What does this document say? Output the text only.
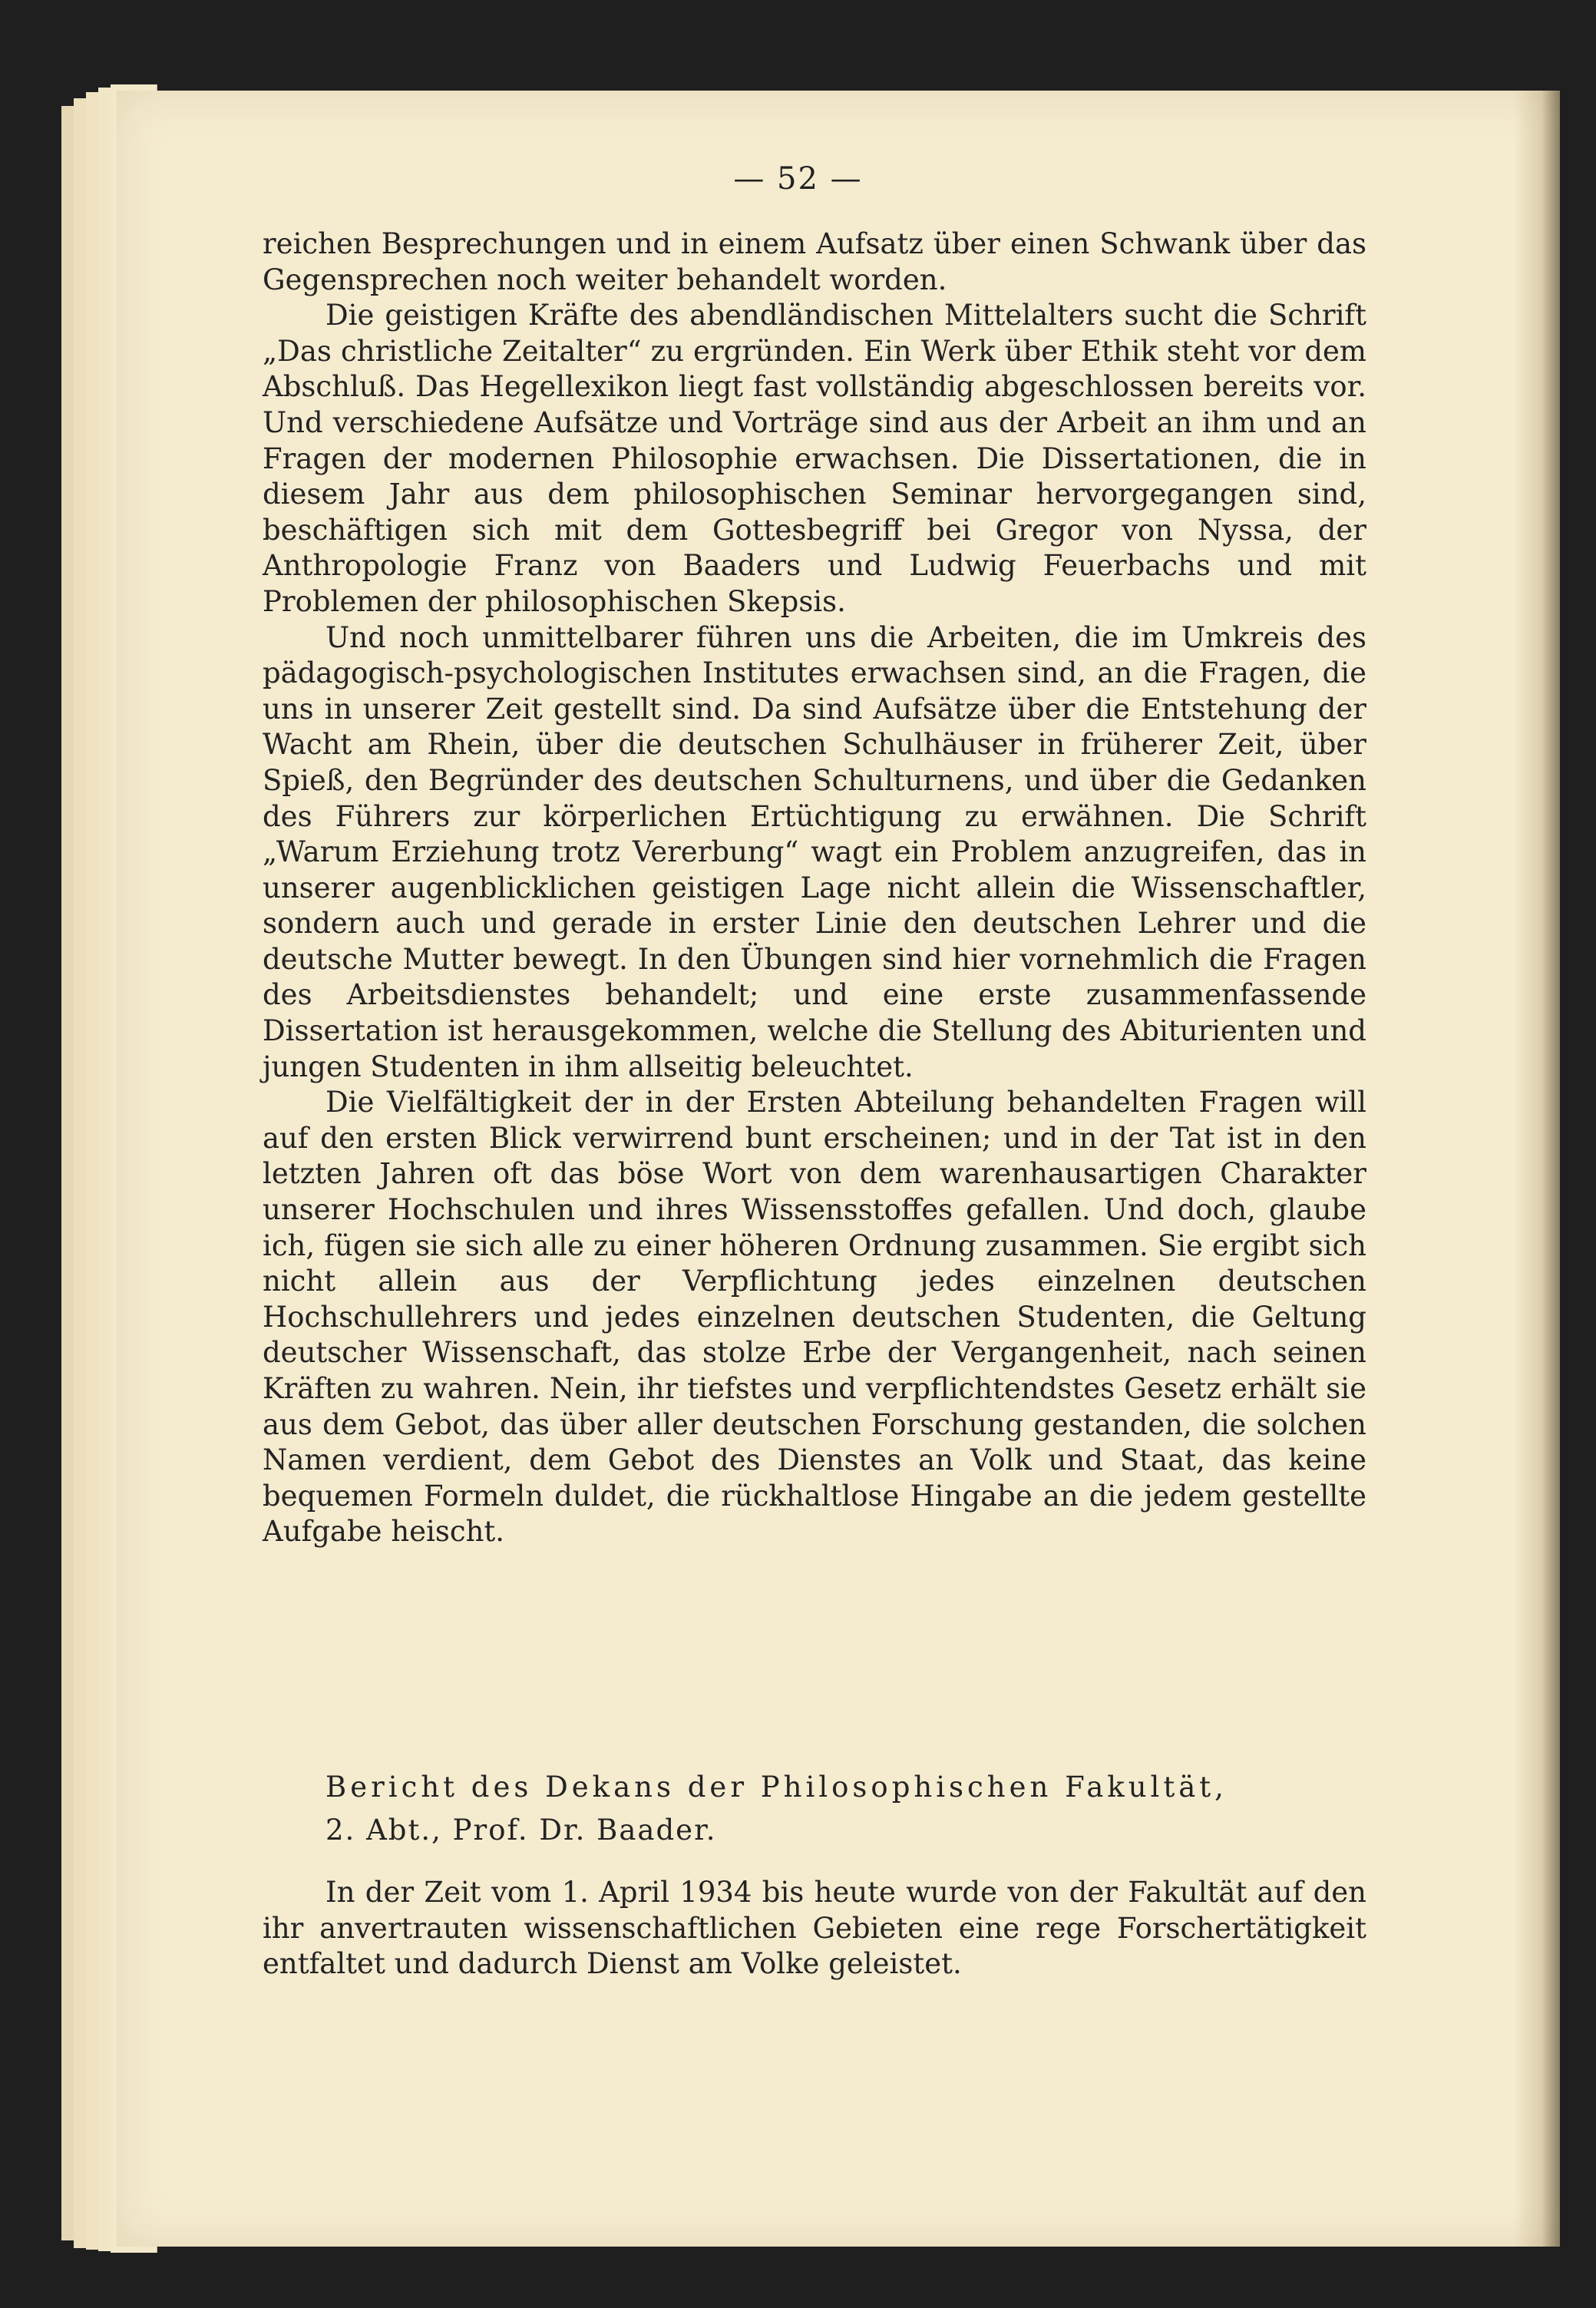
— 52 —

reichen Besprechungen und in einem Aufsatz über einen Schwank über das Gegensprechen noch weiter behandelt worden.

Die geistigen Kräfte des abendländischen Mittelalters sucht die Schrift „Das christliche Zeitalter“ zu ergründen. Ein Werk über Ethik steht vor dem Abschluß. Das Hegellexikon liegt fast vollständig abgeschlossen bereits vor. Und verschiedene Aufsätze und Vorträge sind aus der Arbeit an ihm und an Fragen der modernen Philosophie erwachsen. Die Dissertationen, die in diesem Jahr aus dem philosophischen Seminar hervorgegangen sind, beschäftigen sich mit dem Gottesbegriff bei Gregor von Nyssa, der Anthropologie Franz von Baaders und Ludwig Feuerbachs und mit Problemen der philosophischen Skepsis.

Und noch unmittelbarer führen uns die Arbeiten, die im Umkreis des pädagogisch-psychologischen Institutes erwachsen sind, an die Fragen, die uns in unserer Zeit gestellt sind. Da sind Aufsätze über die Entstehung der Wacht am Rhein, über die deutschen Schulhäuser in früherer Zeit, über Spieß, den Begründer des deutschen Schulturnens, und über die Gedanken des Führers zur körperlichen Ertüchtigung zu erwähnen. Die Schrift „Warum Erziehung trotz Vererbung“ wagt ein Problem anzugreifen, das in unserer augenblicklichen geistigen Lage nicht allein die Wissenschaftler, sondern auch und gerade in erster Linie den deutschen Lehrer und die deutsche Mutter bewegt. In den Übungen sind hier vornehmlich die Fragen des Arbeitsdienstes behandelt; und eine erste zusammenfassende Dissertation ist herausgekommen, welche die Stellung des Abiturienten und jungen Studenten in ihm allseitig beleuchtet.

Die Vielfältigkeit der in der Ersten Abteilung behandelten Fragen will auf den ersten Blick verwirrend bunt erscheinen; und in der Tat ist in den letzten Jahren oft das böse Wort von dem warenhausartigen Charakter unserer Hochschulen und ihres Wissensstoffes gefallen. Und doch, glaube ich, fügen sie sich alle zu einer höheren Ordnung zusammen. Sie ergibt sich nicht allein aus der Verpflichtung jedes einzelnen deutschen Hochschullehrers und jedes einzelnen deutschen Studenten, die Geltung deutscher Wissenschaft, das stolze Erbe der Vergangenheit, nach seinen Kräften zu wahren. Nein, ihr tiefstes und verpflichtendstes Gesetz erhält sie aus dem Gebot, das über aller deutschen Forschung gestanden, die solchen Namen verdient, dem Gebot des Dienstes an Volk und Staat, das keine bequemen Formeln duldet, die rückhaltlose Hingabe an die jedem gestellte Aufgabe heischt.

Bericht des Dekans der Philosophischen Fakultät,
2. Abt., Prof. Dr. Baader.

In der Zeit vom 1. April 1934 bis heute wurde von der Fakultät auf den ihr anvertrauten wissenschaftlichen Gebieten eine rege Forschertätigkeit entfaltet und dadurch Dienst am Volke geleistet.
